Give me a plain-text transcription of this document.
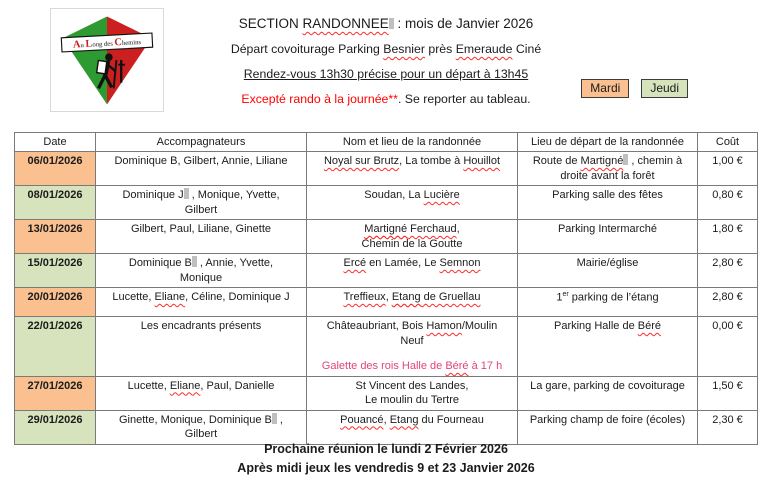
Au Long des Chemins
SECTION RANDONNEE : mois de Janvier 2026
Départ covoiturage Parking Besnier près Emeraude Ciné
Rendez-vous 13h30 précise pour un départ à 13h45
Excepté rando à la journée**. Se reporter au tableau.
Mardi	Jeudi
Date	Accompagnateurs	Nom et lieu de la randonnée	Lieu de départ de la randonnée	Coût
06/01/2026	Dominique B, Gilbert, Annie, Liliane	Noyal sur Brutz, La tombe à Houillot	Route de Martigné , chemin à
droite avant la forêt	1,00 €
08/01/2026	Dominique J , Monique, Yvette,
Gilbert	Soudan, La Lucière	Parking salle des fêtes	0,80 €
13/01/2026	Gilbert, Paul, Liliane, Ginette	Martigné Ferchaud,
Chemin de la Goutte	Parking Intermarché	1,80 €
15/01/2026	Dominique B , Annie, Yvette,
Monique	Ercé en Lamée, Le Semnon	Mairie/église	2,80 €
20/01/2026	Lucette, Eliane, Céline, Dominique J	Treffieux, Etang de Gruellau	1er parking de l’étang	2,80 €
22/01/2026	Les encadrants présents	Châteaubriant, Bois Hamon/Moulin
Neuf
Galette des rois Halle de Béré à 17 h	Parking Halle de Béré	0,00 €
27/01/2026	Lucette, Eliane, Paul, Danielle	St Vincent des Landes,
Le moulin du Tertre	La gare, parking de covoiturage	1,50 €
29/01/2026	Ginette, Monique, Dominique B ,
Gilbert	Pouancé, Etang du Fourneau	Parking champ de foire (écoles)	2,30 €
Prochaine réunion le lundi 2 Février 2026
Après midi jeux les vendredis 9 et 23 Janvier 2026
